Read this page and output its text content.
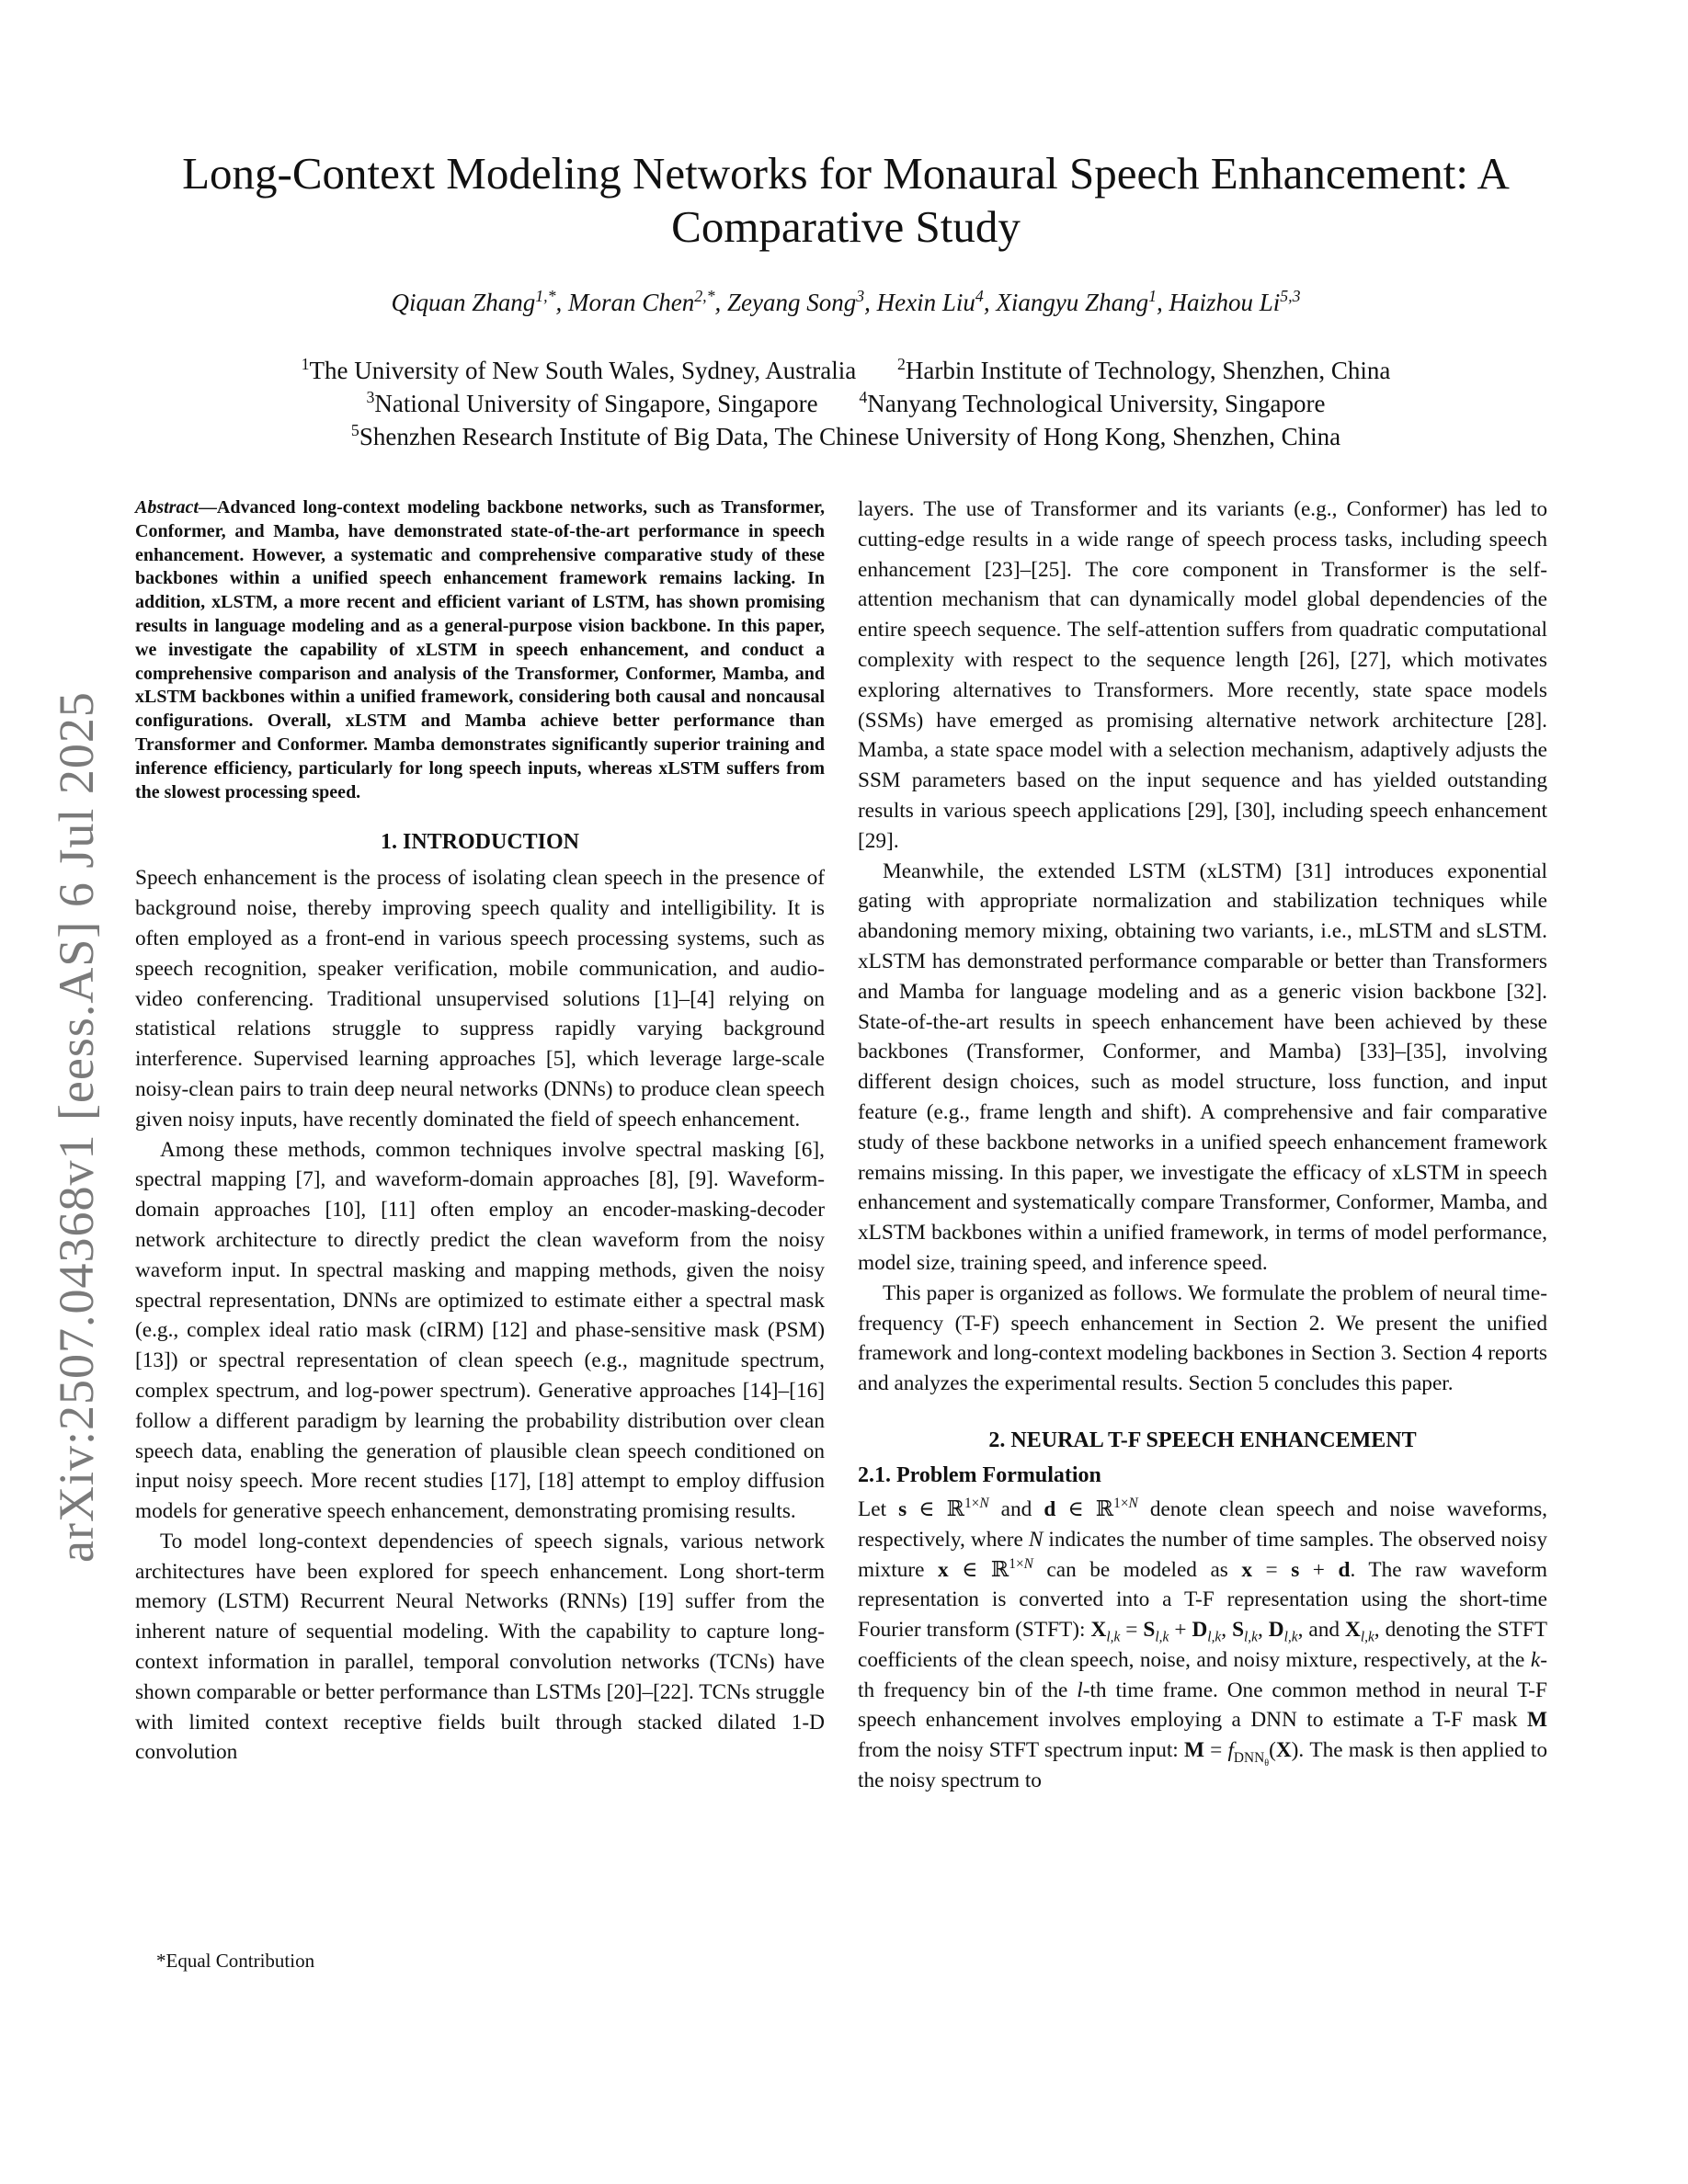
arXiv:2507.04368v1 [eess.AS] 6 Jul 2025
Long-Context Modeling Networks for Monaural Speech Enhancement: A Comparative Study
Qiquan Zhang$^{1,*}$, Moran Chen$^{2,*}$, Zeyang Song$^3$, Hexin Liu$^4$, Xiangyu Zhang$^1$, Haizhou Li$^{5,3}$
$^1$The University of New South Wales, Sydney, Australia	$^2$Harbin Institute of Technology, Shenzhen, China
$^3$National University of Singapore, Singapore	$^4$Nanyang Technological University, Singapore
$^5$Shenzhen Research Institute of Big Data, The Chinese University of Hong Kong, Shenzhen, China
Abstract—Advanced long-context modeling backbone networks, such as Transformer, Conformer, and Mamba, have demonstrated state-of-the-art performance in speech enhancement. However, a systematic and comprehensive comparative study of these backbones within a unified speech enhancement framework remains lacking. In addition, xLSTM, a more recent and efficient variant of LSTM, has shown promising results in language modeling and as a general-purpose vision backbone. In this paper, we investigate the capability of xLSTM in speech enhancement, and conduct a comprehensive comparison and analysis of the Transformer, Conformer, Mamba, and xLSTM backbones within a unified framework, considering both causal and noncausal configurations. Overall, xLSTM and Mamba achieve better performance than Transformer and Conformer. Mamba demonstrates significantly superior training and inference efficiency, particularly for long speech inputs, whereas xLSTM suffers from the slowest processing speed.
1. INTRODUCTION

Speech enhancement is the process of isolating clean speech in the presence of background noise, thereby improving speech quality and intelligibility. It is often employed as a front-end in various speech processing systems, such as speech recognition, speaker verification, mobile communication, and audio-video conferencing. Traditional unsupervised solutions [1]–[4] relying on statistical relations struggle to suppress rapidly varying background interference. Supervised learning approaches [5], which leverage large-scale noisy-clean pairs to train deep neural networks (DNNs) to produce clean speech given noisy inputs, have recently dominated the field of speech enhancement.

Among these methods, common techniques involve spectral masking [6], spectral mapping [7], and waveform-domain approaches [8], [9]. Waveform-domain approaches [10], [11] often employ an encoder-masking-decoder network architecture to directly predict the clean waveform from the noisy waveform input. In spectral masking and mapping methods, given the noisy spectral representation, DNNs are optimized to estimate either a spectral mask (e.g., complex ideal ratio mask (cIRM) [12] and phase-sensitive mask (PSM) [13]) or spectral representation of clean speech (e.g., magnitude spectrum, complex spectrum, and log-power spectrum). Generative approaches [14]–[16] follow a different paradigm by learning the probability distribution over clean speech data, enabling the generation of plausible clean speech conditioned on input noisy speech. More recent studies [17], [18] attempt to employ diffusion models for generative speech enhancement, demonstrating promising results.

To model long-context dependencies of speech signals, various network architectures have been explored for speech enhancement. Long short-term memory (LSTM) Recurrent Neural Networks (RNNs) [19] suffer from the inherent nature of sequential modeling. With the capability to capture long-context information in parallel, temporal convolution networks (TCNs) have shown comparable or better performance than LSTMs [20]–[22]. TCNs struggle with limited context receptive fields built through stacked dilated 1-D convolution

layers. The use of Transformer and its variants (e.g., Conformer) has led to cutting-edge results in a wide range of speech process tasks, including speech enhancement [23]–[25]. The core component in Transformer is the self-attention mechanism that can dynamically model global dependencies of the entire speech sequence. The self-attention suffers from quadratic computational complexity with respect to the sequence length [26], [27], which motivates exploring alternatives to Transformers. More recently, state space models (SSMs) have emerged as promising alternative network architecture [28]. Mamba, a state space model with a selection mechanism, adaptively adjusts the SSM parameters based on the input sequence and has yielded outstanding results in various speech applications [29], [30], including speech enhancement [29].

Meanwhile, the extended LSTM (xLSTM) [31] introduces exponential gating with appropriate normalization and stabilization techniques while abandoning memory mixing, obtaining two variants, i.e., mLSTM and sLSTM. xLSTM has demonstrated performance comparable or better than Transformers and Mamba for language modeling and as a generic vision backbone [32]. State-of-the-art results in speech enhancement have been achieved by these backbones (Transformer, Conformer, and Mamba) [33]–[35], involving different design choices, such as model structure, loss function, and input feature (e.g., frame length and shift). A comprehensive and fair comparative study of these backbone networks in a unified speech enhancement framework remains missing. In this paper, we investigate the efficacy of xLSTM in speech enhancement and systematically compare Transformer, Conformer, Mamba, and xLSTM backbones within a unified framework, in terms of model performance, model size, training speed, and inference speed.

This paper is organized as follows. We formulate the problem of neural time-frequency (T-F) speech enhancement in Section 2. We present the unified framework and long-context modeling backbones in Section 3. Section 4 reports and analyzes the experimental results. Section 5 concludes this paper.

2. NEURAL T-F SPEECH ENHANCEMENT
2.1. Problem Formulation

Let s ∈ ℝ$^{1\times N}$ and d ∈ ℝ$^{1\times N}$ denote clean speech and noise waveforms, respectively, where N indicates the number of time samples. The observed noisy mixture x ∈ ℝ$^{1\times N}$ can be modeled as x = s + d. The raw waveform representation is converted into a T-F representation using the short-time Fourier transform (STFT): $X_{l,k} = S_{l,k} + D_{l,k}$, $S_{l,k}$, $D_{l,k}$, and $X_{l,k}$, denoting the STFT coefficients of the clean speech, noise, and noisy mixture, respectively, at the k-th frequency bin of the l-th time frame. One common method in neural T-F speech enhancement involves employing a DNN to estimate a T-F mask M from the noisy STFT spectrum input: $M = f_{DNN_\theta}(X)$. The mask is then applied to the noisy spectrum to

*Equal Contribution
